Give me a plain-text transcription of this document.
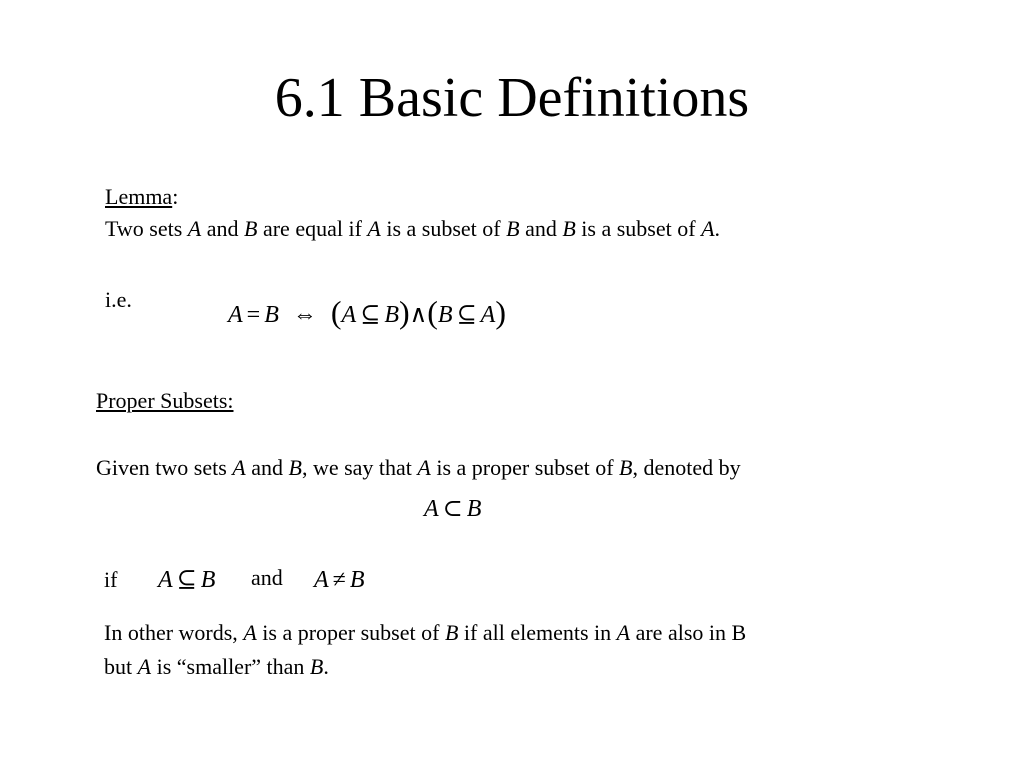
6.1 Basic Definitions
Lemma:
Two sets A and B are equal if A is a subset of B and B is a subset of A.
i.e.
A = B ⇔ (A ⊆ B)∧(B ⊆ A)
Proper Subsets:
Given two sets A and B, we say that A is a proper subset of B, denoted by
A ⊂ B
if A ⊆ B and A ≠ B
In other words, A is a proper subset of B if all elements in A are also in B
but A is “smaller” than B.
